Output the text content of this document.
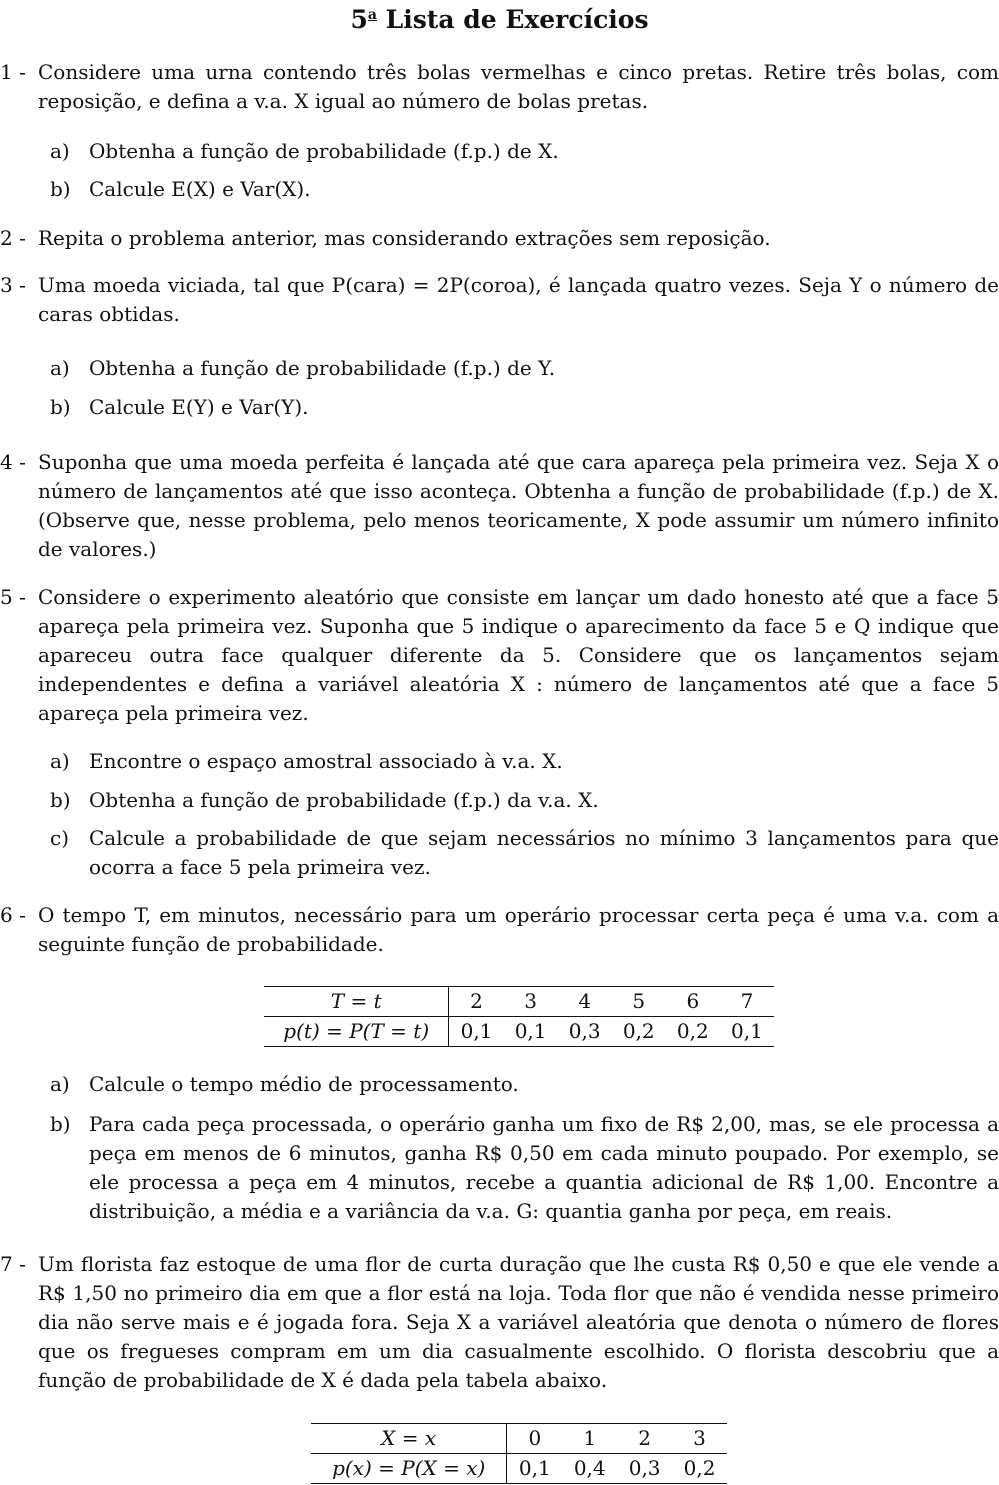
5$^a$ Lista de Exercícios
1 - Considere uma urna contendo três bolas vermelhas e cinco pretas. Retire três bolas, com reposição, e defina a v.a. X igual ao número de bolas pretas.
a) Obtenha a função de probabilidade (f.p.) de X.
b) Calcule E(X) e Var(X).
2 - Repita o problema anterior, mas considerando extrações sem reposição.
3 - Uma moeda viciada, tal que P(cara) = 2P(coroa), é lançada quatro vezes. Seja Y o número de caras obtidas.
a) Obtenha a função de probabilidade (f.p.) de Y.
b) Calcule E(Y) e Var(Y).
4 - Suponha que uma moeda perfeita é lançada até que cara apareça pela primeira vez. Seja X o número de lançamentos até que isso aconteça. Obtenha a função de probabilidade (f.p.) de X. (Observe que, nesse problema, pelo menos teoricamente, X pode assumir um número infinito de valores.)
5 - Considere o experimento aleatório que consiste em lançar um dado honesto até que a face 5 apareça pela primeira vez. Suponha que 5 indique o aparecimento da face 5 e Q indique que apareceu outra face qualquer diferente da 5. Considere que os lançamentos sejam independentes e defina a variável aleatória X : número de lançamentos até que a face 5 apareça pela primeira vez.
a) Encontre o espaço amostral associado à v.a. X.
b) Obtenha a função de probabilidade (f.p.) da v.a. X.
c) Calcule a probabilidade de que sejam necessários no mínimo 3 lançamentos para que ocorra a face 5 pela primeira vez.
6 - O tempo T, em minutos, necessário para um operário processar certa peça é uma v.a. com a seguinte função de probabilidade.
T = t	2	3	4	5	6	7
p(t) = P(T = t)	0,1	0,1	0,3	0,2	0,2	0,1
a) Calcule o tempo médio de processamento.
b) Para cada peça processada, o operário ganha um fixo de R$ 2,00, mas, se ele processa a peça em menos de 6 minutos, ganha R$ 0,50 em cada minuto poupado. Por exemplo, se ele processa a peça em 4 minutos, recebe a quantia adicional de R$ 1,00. Encontre a distribuição, a média e a variância da v.a. G: quantia ganha por peça, em reais.
7 - Um florista faz estoque de uma flor de curta duração que lhe custa R$ 0,50 e que ele vende a R$ 1,50 no primeiro dia em que a flor está na loja. Toda flor que não é vendida nesse primeiro dia não serve mais e é jogada fora. Seja X a variável aleatória que denota o número de flores que os fregueses compram em um dia casualmente escolhido. O florista descobriu que a função de probabilidade de X é dada pela tabela abaixo.
X = x	0	1	2	3
p(x) = P(X = x)	0,1	0,4	0,3	0,2
